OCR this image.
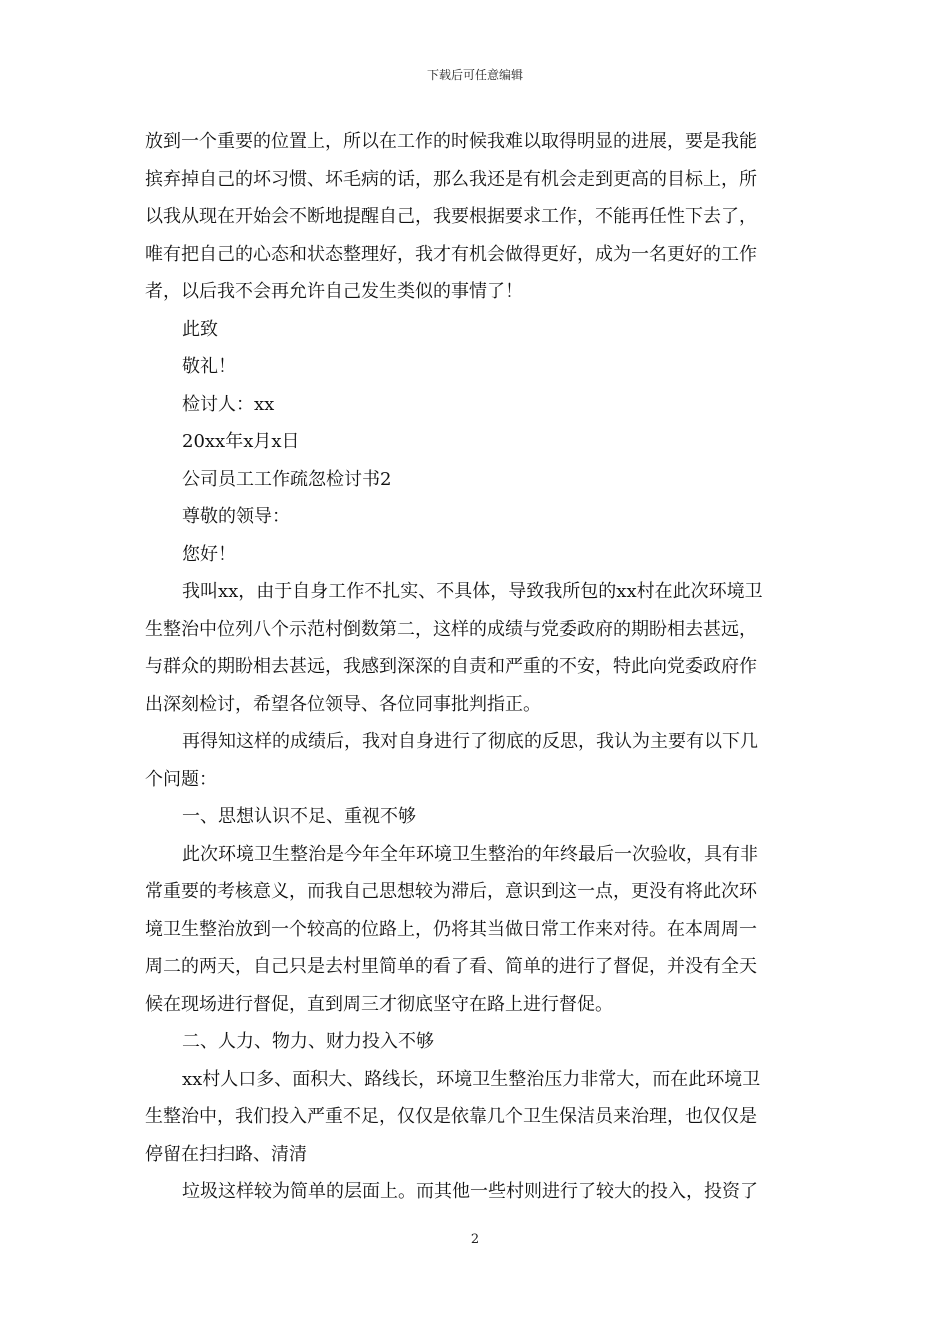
下载后可任意编辑
放到一个重要的位置上，所以在工作的时候我难以取得明显的进展，要是我能
摈弃掉自己的坏习惯、坏毛病的话，那么我还是有机会走到更高的目标上，所
以我从现在开始会不断地提醒自己，我要根据要求工作，不能再任性下去了，
唯有把自己的心态和状态整理好，我才有机会做得更好，成为一名更好的工作
者，以后我不会再允许自己发生类似的事情了！
此致
敬礼！
检讨人：xx
20xx年x月x日
公司员工工作疏忽检讨书2
尊敬的领导：
您好！
我叫xx，由于自身工作不扎实、不具体，导致我所包的xx村在此次环境卫
生整治中位列八个示范村倒数第二，这样的成绩与党委政府的期盼相去甚远，
与群众的期盼相去甚远，我感到深深的自责和严重的不安，特此向党委政府作
出深刻检讨，希望各位领导、各位同事批判指正。
再得知这样的成绩后，我对自身进行了彻底的反思，我认为主要有以下几
个问题：
一、思想认识不足、重视不够
此次环境卫生整治是今年全年环境卫生整治的年终最后一次验收，具有非
常重要的考核意义，而我自己思想较为滞后，意识到这一点，更没有将此次环
境卫生整治放到一个较高的位路上，仍将其当做日常工作来对待。在本周周一
周二的两天，自己只是去村里简单的看了看、简单的进行了督促，并没有全天
候在现场进行督促，直到周三才彻底坚守在路上进行督促。
二、人力、物力、财力投入不够
xx村人口多、面积大、路线长，环境卫生整治压力非常大，而在此环境卫
生整治中，我们投入严重不足，仅仅是依靠几个卫生保洁员来治理，也仅仅是
停留在扫扫路、清清
垃圾这样较为简单的层面上。而其他一些村则进行了较大的投入，投资了
2
